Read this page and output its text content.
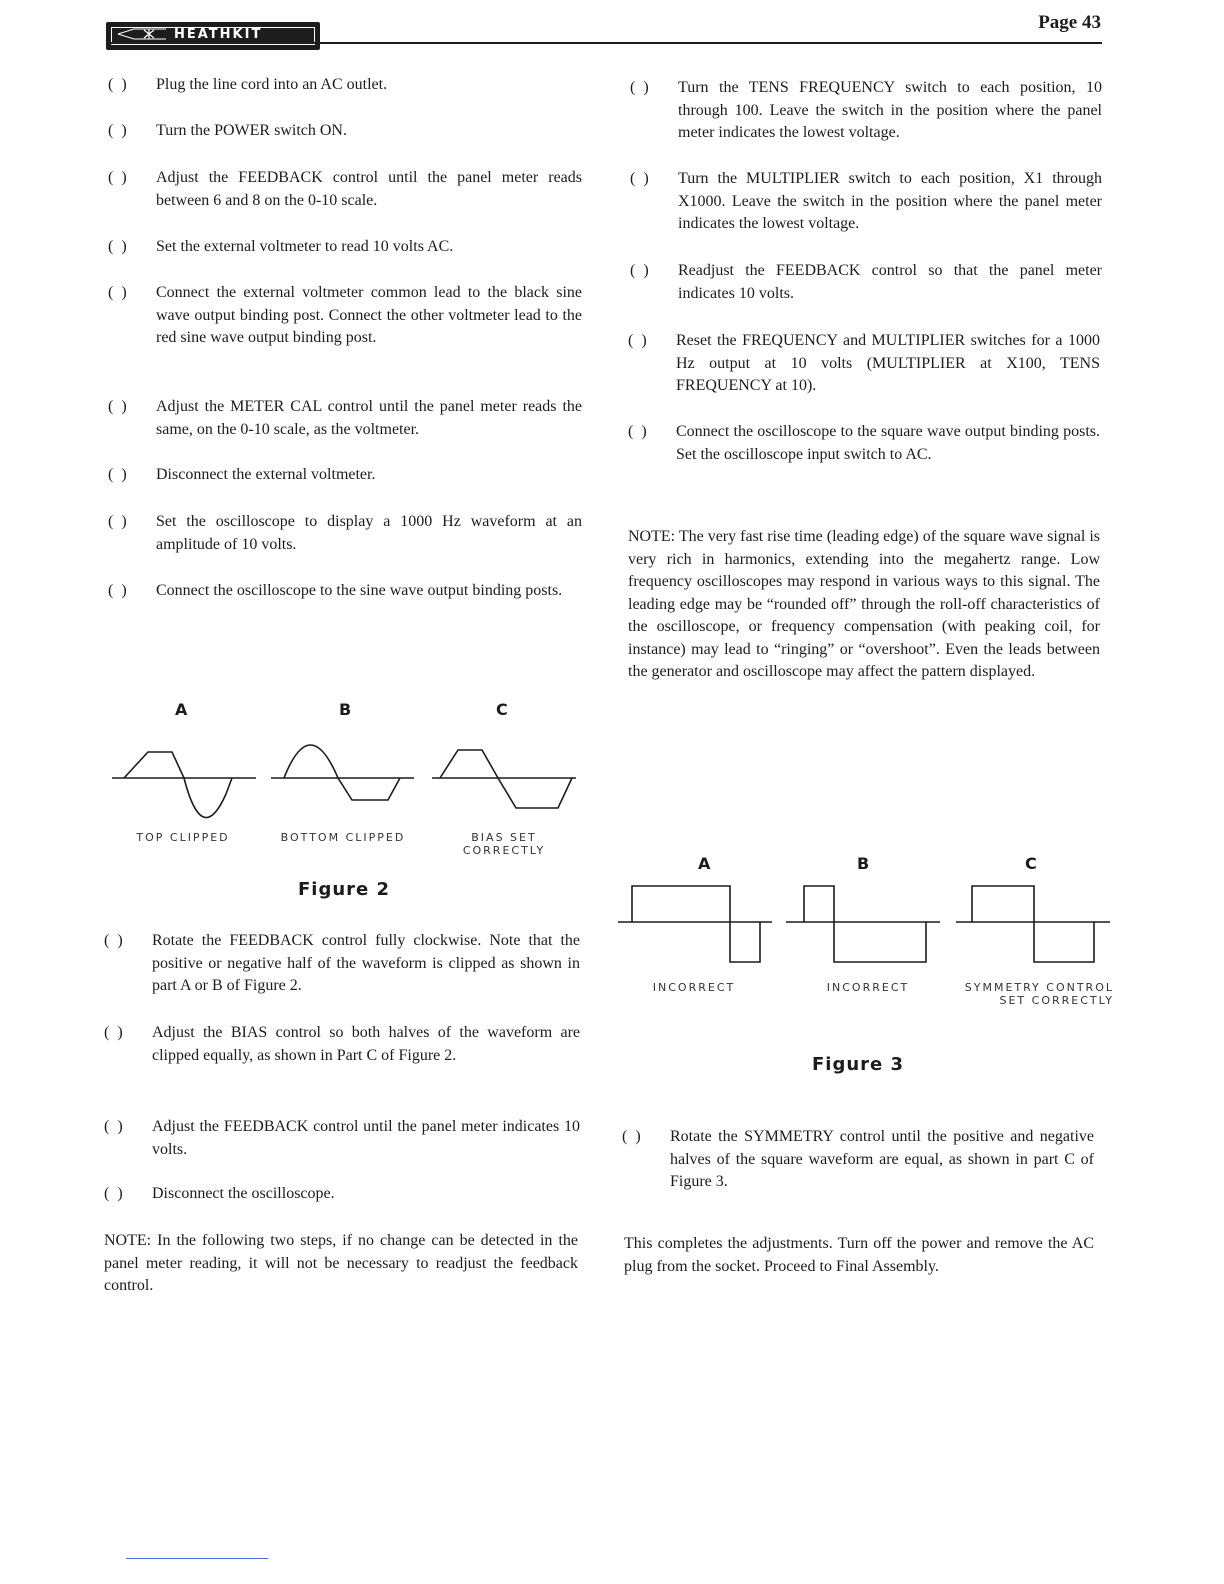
HEATHKIT
Page 43
(  ) Plug the line cord into an AC outlet.
(  ) Turn the POWER switch ON.
(  ) Adjust the FEEDBACK control until the panel meter reads between 6 and 8 on the 0-10 scale.
(  ) Set the external voltmeter to read 10 volts AC.
(  ) Connect the external voltmeter common lead to the black sine wave output binding post. Connect the other voltmeter lead to the red sine wave output binding post.
(  ) Adjust the METER CAL control until the panel meter reads the same, on the 0-10 scale, as the voltmeter.
(  ) Disconnect the external voltmeter.
(  ) Set the oscilloscope to display a 1000 Hz waveform at an amplitude of 10 volts.
(  ) Connect the oscilloscope to the sine wave output binding posts.
A	B	C
TOP CLIPPED	BOTTOM CLIPPED	BIAS SET CORRECTLY
Figure 2
(  ) Rotate the FEEDBACK control fully clockwise. Note that the positive or negative half of the waveform is clipped as shown in part A or B of Figure 2.
(  ) Adjust the BIAS control so both halves of the waveform are clipped equally, as shown in Part C of Figure 2.
(  ) Adjust the FEEDBACK control until the panel meter indicates 10 volts.
(  ) Disconnect the oscilloscope.
NOTE: In the following two steps, if no change can be detected in the panel meter reading, it will not be necessary to readjust the feedback control.
(  ) Turn the TENS FREQUENCY switch to each position, 10 through 100. Leave the switch in the position where the panel meter indicates the lowest voltage.
(  ) Turn the MULTIPLIER switch to each position, X1 through X1000. Leave the switch in the position where the panel meter indicates the lowest voltage.
(  ) Readjust the FEEDBACK control so that the panel meter indicates 10 volts.
(  ) Reset the FREQUENCY and MULTIPLIER switches for a 1000 Hz output at 10 volts (MULTIPLIER at X100, TENS FREQUENCY at 10).
(  ) Connect the oscilloscope to the square wave output binding posts. Set the oscilloscope input switch to AC.
NOTE: The very fast rise time (leading edge) of the square wave signal is very rich in harmonics, extending into the megahertz range. Low frequency oscilloscopes may respond in various ways to this signal. The leading edge may be “rounded off” through the roll-off characteristics of the oscilloscope, or frequency compensation (with peaking coil, for instance) may lead to “ringing” or “overshoot”. Even the leads between the generator and oscilloscope may affect the pattern displayed.
A	B	C
INCORRECT	INCORRECT	SYMMETRY CONTROL SET CORRECTLY
Figure 3
(  ) Rotate the SYMMETRY control until the positive and negative halves of the square waveform are equal, as shown in part C of Figure 3.
This completes the adjustments. Turn off the power and remove the AC plug from the socket. Proceed to Final Assembly.
